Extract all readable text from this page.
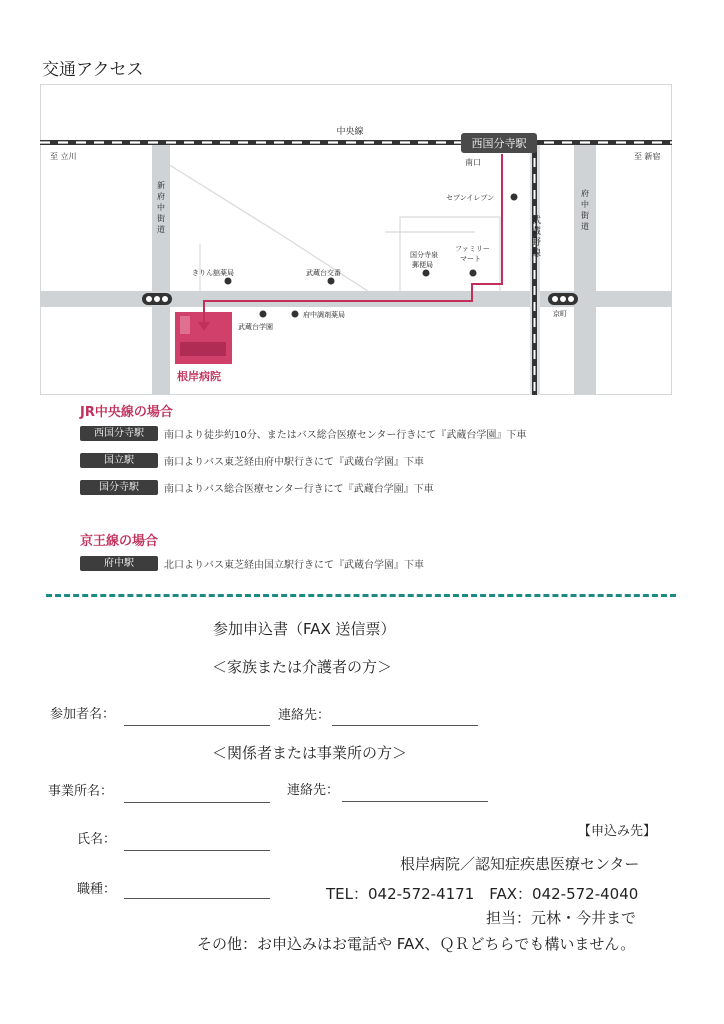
交通アクセス
西国分寺駅
中央線
至 立川	至 新宿
南口
セブンイレブン
国分寺泉
郵便局
ファミリー
マート
きりん舘薬局	武蔵台交番
武蔵台学園
府中調剤薬局	京町
根岸病院
新
府
中
街
道
府
中
街
道
武
蔵
野
線
JR中央線の場合
西国分寺駅	南口より徒歩約10分、またはバス総合医療センター行きにて『武蔵台学園』下車
国立駅	南口よりバス東芝経由府中駅行きにて『武蔵台学園』下車
国分寺駅	南口よりバス総合医療センター行きにて『武蔵台学園』下車
京王線の場合
府中駅	北口よりバス東芝経由国立駅行きにて『武蔵台学園』下車
参加申込書（FAX 送信票）
＜家族または介護者の方＞
参加者名：	連絡先：
＜関係者または事業所の方＞
事業所名：	連絡先：
氏名：
職種：
【申込み先】
根岸病院／認知症疾患医療センター
TEL：042-572-4171　FAX：042-572-4040
担当：元林・今井まで
その他：お申込みはお電話や FAX、ＱＲどちらでも構いません。
